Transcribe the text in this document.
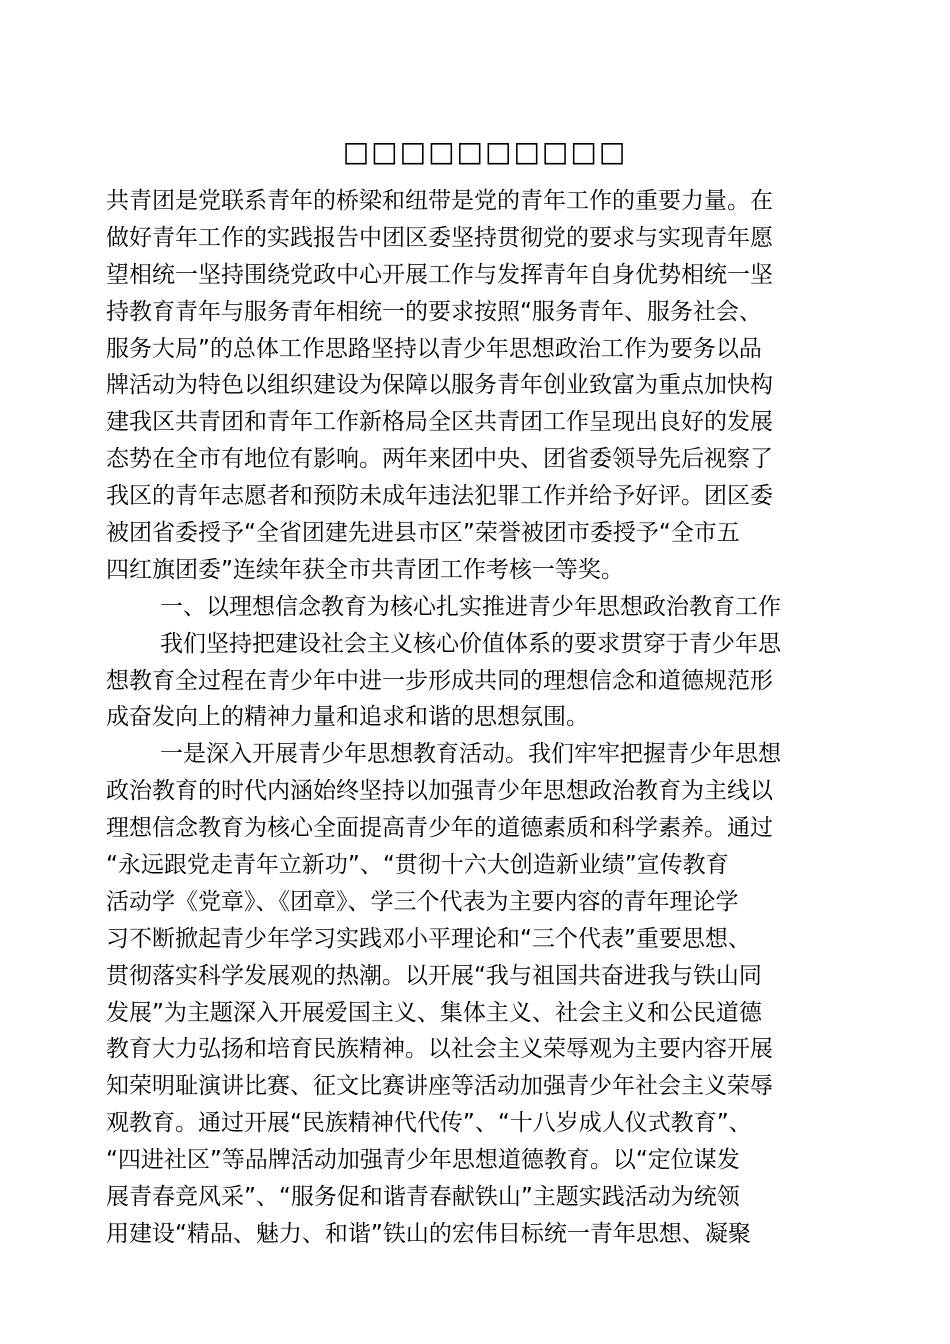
□□□□□□□□□□
共青团是党联系青年的桥梁和纽带是党的青年工作的重要力量。在
做好青年工作的实践报告中团区委坚持贯彻党的要求与实现青年愿
望相统一坚持围绕党政中心开展工作与发挥青年自身优势相统一坚
持教育青年与服务青年相统一的要求按照“服务青年、服务社会、
服务大局”的总体工作思路坚持以青少年思想政治工作为要务以品
牌活动为特色以组织建设为保障以服务青年创业致富为重点加快构
建我区共青团和青年工作新格局全区共青团工作呈现出良好的发展
态势在全市有地位有影响。两年来团中央、团省委领导先后视察了
我区的青年志愿者和预防未成年违法犯罪工作并给予好评。团区委
被团省委授予“全省团建先进县市区”荣誉被团市委授予“全市五
四红旗团委”连续年获全市共青团工作考核一等奖。
一、以理想信念教育为核心扎实推进青少年思想政治教育工作
我们坚持把建设社会主义核心价值体系的要求贯穿于青少年思
想教育全过程在青少年中进一步形成共同的理想信念和道德规范形
成奋发向上的精神力量和追求和谐的思想氛围。
一是深入开展青少年思想教育活动。我们牢牢把握青少年思想
政治教育的时代内涵始终坚持以加强青少年思想政治教育为主线以
理想信念教育为核心全面提高青少年的道德素质和科学素养。通过
“永远跟党走青年立新功”、“贯彻十六大创造新业绩”宣传教育
活动学《党章》、《团章》、学三个代表为主要内容的青年理论学
习不断掀起青少年学习实践邓小平理论和“三个代表”重要思想、
贯彻落实科学发展观的热潮。以开展“我与祖国共奋进我与铁山同
发展”为主题深入开展爱国主义、集体主义、社会主义和公民道德
教育大力弘扬和培育民族精神。以社会主义荣辱观为主要内容开展
知荣明耻演讲比赛、征文比赛讲座等活动加强青少年社会主义荣辱
观教育。通过开展“民族精神代代传”、“十八岁成人仪式教育”、
“四进社区”等品牌活动加强青少年思想道德教育。以“定位谋发
展青春竞风采”、“服务促和谐青春献铁山”主题实践活动为统领
用建设“精品、魅力、和谐”铁山的宏伟目标统一青年思想、凝聚
